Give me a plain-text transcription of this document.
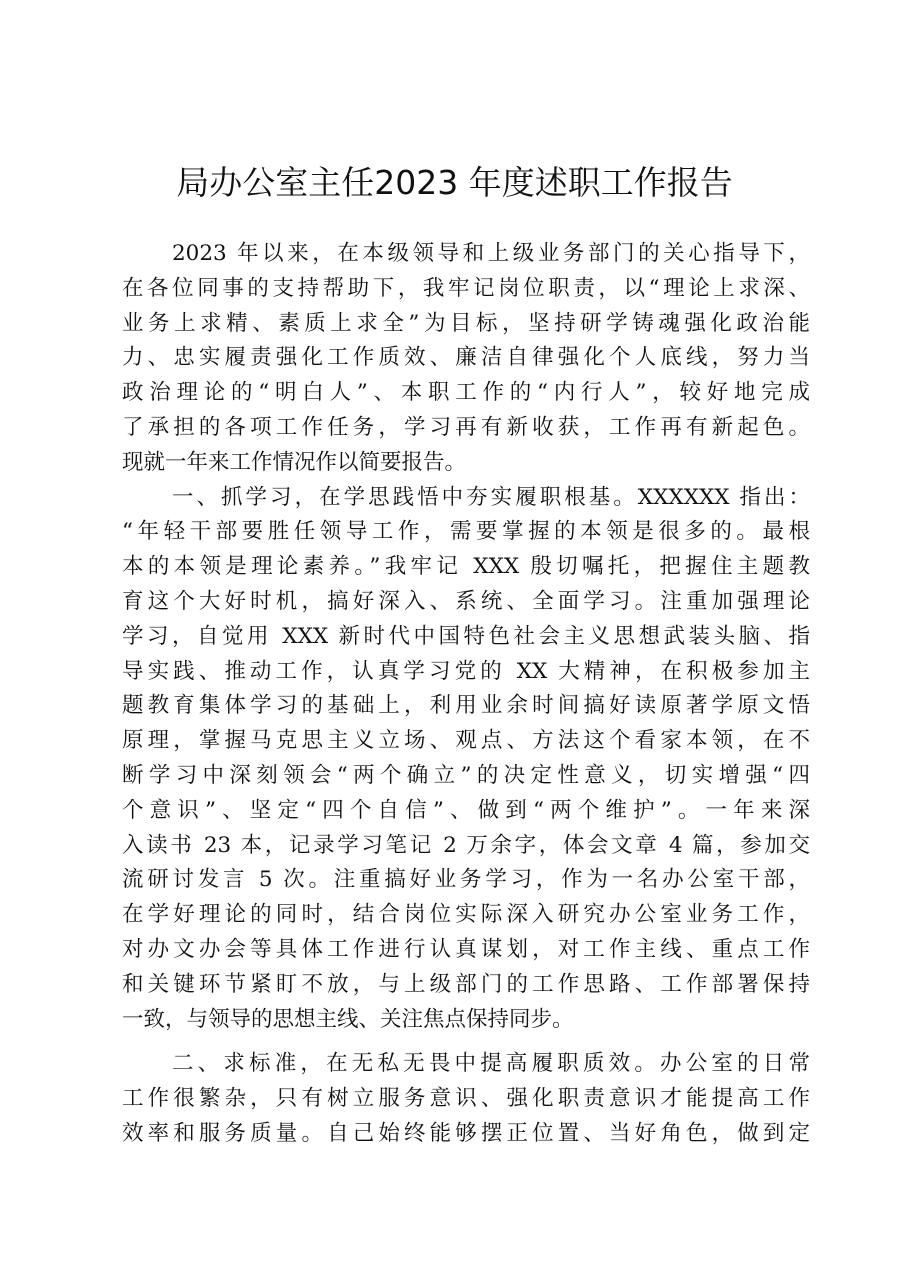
局办公室主任2023 年度述职工作报告
2023 年以来，在本级领导和上级业务部门的关心指导下，
在各位同事的支持帮助下，我牢记岗位职责，以“理论上求深、
业务上求精、素质上求全”为目标，坚持研学铸魂强化政治能
力、忠实履责强化工作质效、廉洁自律强化个人底线，努力当
政治理论的“明白人”、本职工作的“内行人”，较好地完成
了承担的各项工作任务，学习再有新收获，工作再有新起色。
现就一年来工作情况作以简要报告。
一、抓学习，在学思践悟中夯实履职根基。XXXXXX 指出：
“年轻干部要胜任领导工作，需要掌握的本领是很多的。最根
本的本领是理论素养。”我牢记 XXX 殷切嘱托，把握住主题教
育这个大好时机，搞好深入、系统、全面学习。注重加强理论
学习，自觉用 XXX 新时代中国特色社会主义思想武装头脑、指
导实践、推动工作，认真学习党的 XX 大精神，在积极参加主
题教育集体学习的基础上，利用业余时间搞好读原著学原文悟
原理，掌握马克思主义立场、观点、方法这个看家本领，在不
断学习中深刻领会“两个确立”的决定性意义，切实增强“四
个意识”、坚定“四个自信”、做到“两个维护”。一年来深
入读书 23 本，记录学习笔记 2 万余字，体会文章 4 篇，参加交
流研讨发言 5 次。注重搞好业务学习，作为一名办公室干部，
在学好理论的同时，结合岗位实际深入研究办公室业务工作，
对办文办会等具体工作进行认真谋划，对工作主线、重点工作
和关键环节紧盯不放，与上级部门的工作思路、工作部署保持
一致，与领导的思想主线、关注焦点保持同步。
二、求标准，在无私无畏中提高履职质效。办公室的日常
工作很繁杂，只有树立服务意识、强化职责意识才能提高工作
效率和服务质量。自己始终能够摆正位置、当好角色，做到定
